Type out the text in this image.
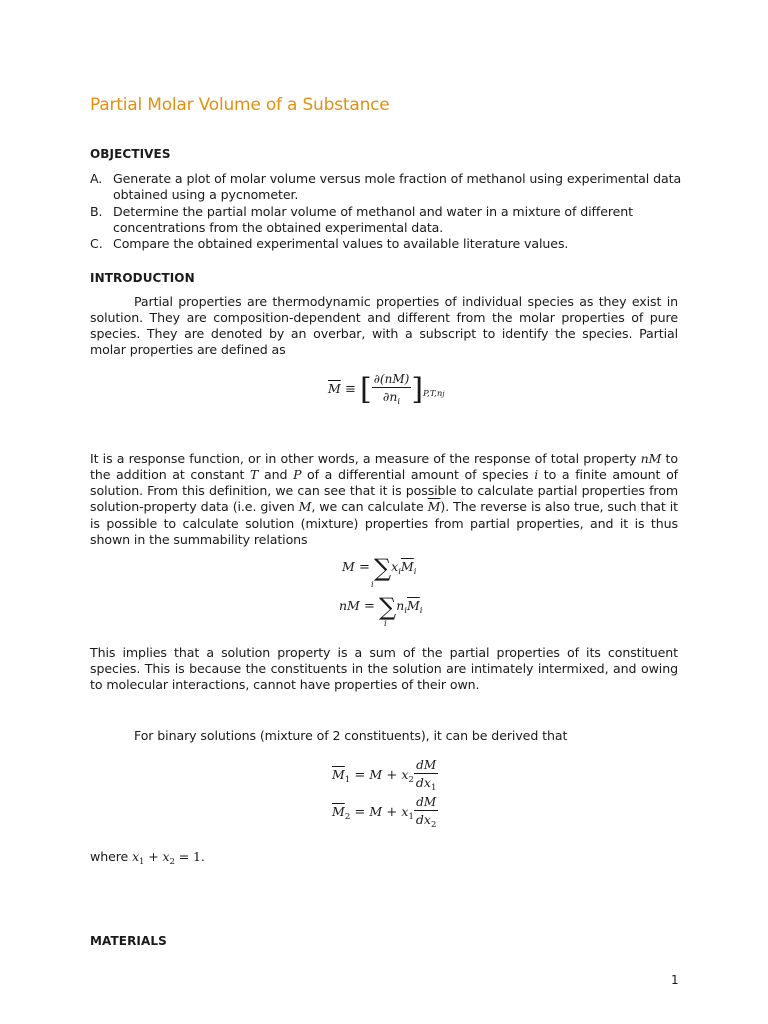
Partial Molar Volume of a Substance
OBJECTIVES
A. Generate a plot of molar volume versus mole fraction of methanol using experimental data obtained using a pycnometer.
B. Determine the partial molar volume of methanol and water in a mixture of different concentrations from the obtained experimental data.
C. Compare the obtained experimental values to available literature values.
INTRODUCTION

Partial properties are thermodynamic properties of individual species as they exist in solution. They are composition-dependent and different from the molar properties of pure species. They are denoted by an overbar, with a subscript to identify the species. Partial molar properties are defined as

$\overline{M}$ ≡ [ $\frac{\partial(nM)}{\partial n_i} ]_{P,T,nj}$

It is a response function, or in other words, a measure of the response of total property nM to the addition at constant T and P of a differential amount of species i to a finite amount of solution. From this definition, we can see that it is possible to calculate partial properties from solution-property data (i.e. given M, we can calculate $\overline{M}$). The reverse is also true, such that it is possible to calculate solution (mixture) properties from partial properties, and it is thus shown in the summability relations

$M = \sum x_i\overline{M}_i$
i
nM = $\sum n_i\overline{M}_i$
i

This implies that a solution property is a sum of the partial properties of its constituent species. This is because the constituents in the solution are intimately intermixed, and owing to molecular interactions, cannot have properties of their own.

For binary solutions (mixture of 2 constituents), it can be derived that

$\overline{M}_1 = M + x_2 \frac{dM}{dx_1}$
$\overline{M}_2 = M + x_1 \frac{dM}{dx_2}$

where $x_1 + x_2 = 1$.

MATERIALS
1
